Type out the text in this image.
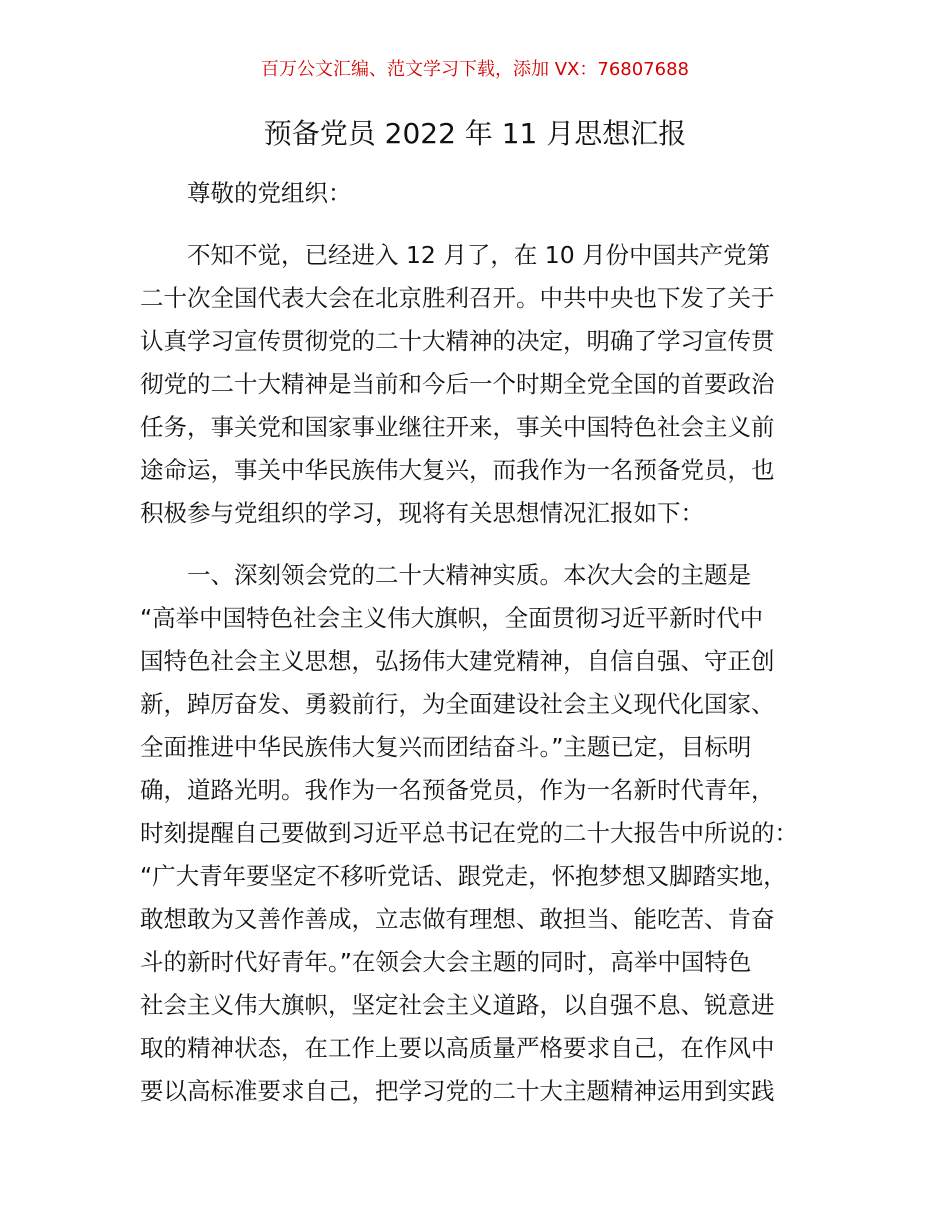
百万公文汇编、范文学习下载，添加 VX：76807688
预备党员 2022 年 11 月思想汇报
尊敬的党组织：
不知不觉，已经进入 12 月了，在 10 月份中国共产党第
二十次全国代表大会在北京胜利召开。中共中央也下发了关于
认真学习宣传贯彻党的二十大精神的决定，明确了学习宣传贯
彻党的二十大精神是当前和今后一个时期全党全国的首要政治
任务，事关党和国家事业继往开来，事关中国特色社会主义前
途命运，事关中华民族伟大复兴，而我作为一名预备党员，也
积极参与党组织的学习，现将有关思想情况汇报如下：
一、深刻领会党的二十大精神实质。本次大会的主题是
“高举中国特色社会主义伟大旗帜，全面贯彻习近平新时代中
国特色社会主义思想，弘扬伟大建党精神，自信自强、守正创
新，踔厉奋发、勇毅前行，为全面建设社会主义现代化国家、
全面推进中华民族伟大复兴而团结奋斗。”主题已定，目标明
确，道路光明。我作为一名预备党员，作为一名新时代青年，
时刻提醒自己要做到习近平总书记在党的二十大报告中所说的：
“广大青年要坚定不移听党话、跟党走，怀抱梦想又脚踏实地，
敢想敢为又善作善成，立志做有理想、敢担当、能吃苦、肯奋
斗的新时代好青年。”在领会大会主题的同时，高举中国特色
社会主义伟大旗帜，坚定社会主义道路，以自强不息、锐意进
取的精神状态，在工作上要以高质量严格要求自己，在作风中
要以高标准要求自己，把学习党的二十大主题精神运用到实践
